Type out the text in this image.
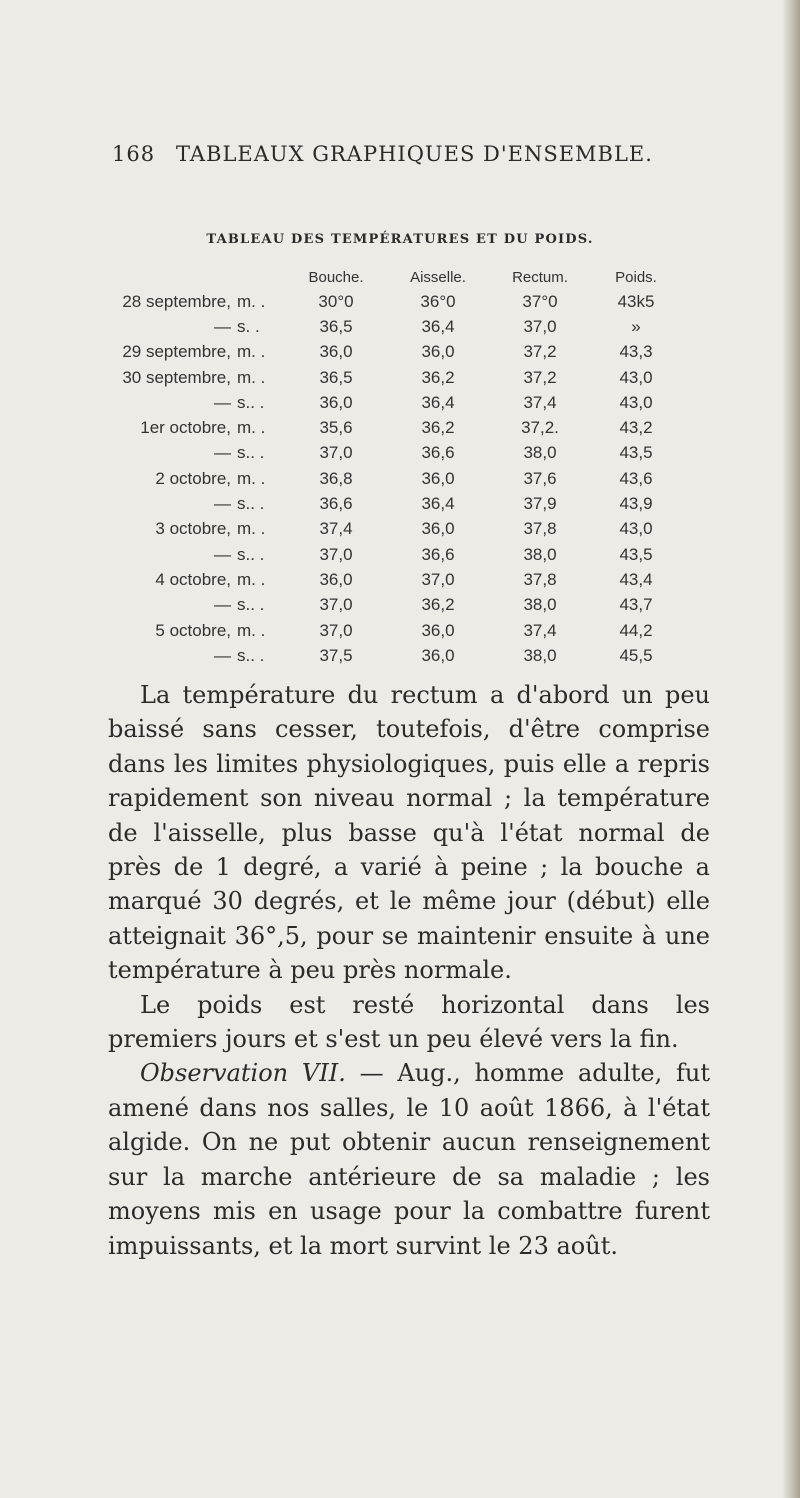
168 TABLEAUX GRAPHIQUES D'ENSEMBLE.
TABLEAU DES TEMPÉRATURES ET DU POIDS.
		Bouche.	Aisselle.	Rectum.	Poids.
28 septembre,	m. .	30°0	36°0	37°0	43k5
—	s. .	36,5	36,4	37,0	»
29 septembre,	m. .	36,0	36,0	37,2	43,3
30 septembre,	m. .	36,5	36,2	37,2	43,0
—	s.. .	36,0	36,4	37,4	43,0
1er octobre,	m. .	35,6	36,2	37,2.	43,2
—	s.. .	37,0	36,6	38,0	43,5
2 octobre,	m. .	36,8	36,0	37,6	43,6
—	s.. .	36,6	36,4	37,9	43,9
3 octobre,	m. .	37,4	36,0	37,8	43,0
—	s.. .	37,0	36,6	38,0	43,5
4 octobre,	m. .	36,0	37,0	37,8	43,4
—	s.. .	37,0	36,2	38,0	43,7
5 octobre,	m. .	37,0	36,0	37,4	44,2
—	s.. .	37,5	36,0	38,0	45,5

La température du rectum a d'abord un peu baissé sans cesser, toutefois, d'être comprise dans les limites physiologiques, puis elle a repris rapidement son niveau normal ; la température de l'aisselle, plus basse qu'à l'état normal de près de 1 degré, a varié à peine ; la bouche a marqué 30 degrés, et le même jour (début) elle atteignait 36°,5, pour se maintenir ensuite à une température à peu près normale.

Le poids est resté horizontal dans les premiers jours et s'est un peu élevé vers la fin.

Observation VII. — Aug., homme adulte, fut amené dans nos salles, le 10 août 1866, à l'état algide. On ne put obtenir aucun renseignement sur la marche antérieure de sa maladie ; les moyens mis en usage pour la combattre furent impuissants, et la mort survint le 23 août.
